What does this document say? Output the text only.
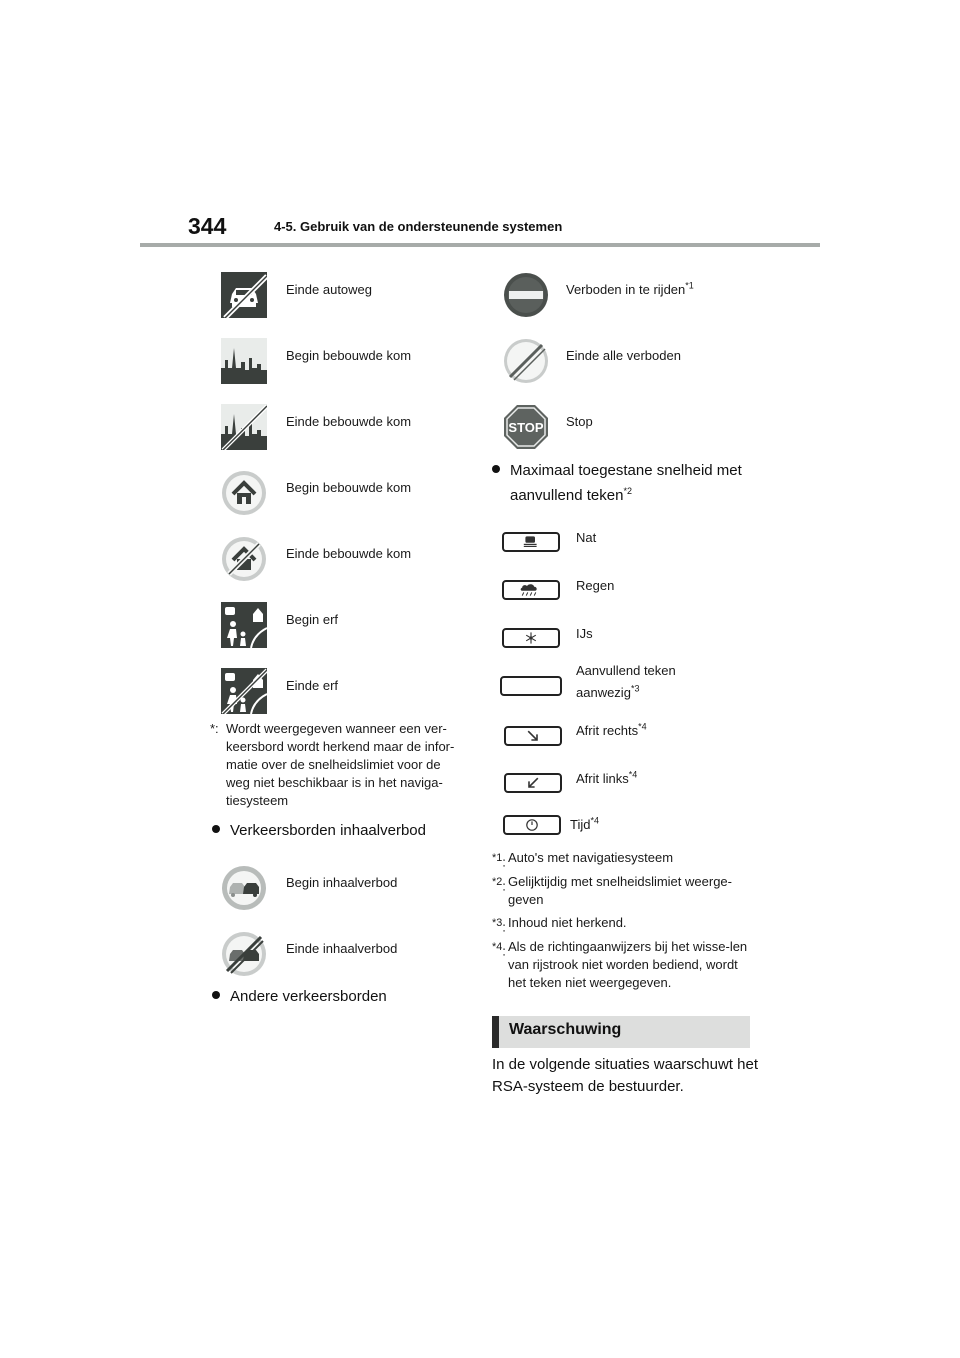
344	4-5. Gebruik van de ondersteunende systemen
Einde autoweg
Begin bebouwde kom
Einde bebouwde kom
Begin bebouwde kom
Einde bebouwde kom
Begin erf
Einde erf
*: Wordt weergegeven wanneer een ver-keersbord wordt herkend maar de infor-matie over de snelheidslimiet voor de weg niet beschikbaar is in het naviga-tiesysteem
Verkeersborden inhaalverbod
Begin inhaalverbod
Einde inhaalverbod
Andere verkeersborden
Verboden in te rijden$^{*1}$
Einde alle verboden
STOP Stop
Maximaal toegestane snelheid met
aanvullend teken$^{*2}$
Nat
Regen
IJs
Aanvullend teken
aanwezig$^{*3}$
Afrit rechts$^{*4}$
Afrit links$^{*4}$
Tijd$^{*4}$
$^{*1}$: Auto's met navigatiesysteem
$^{*2}$: Gelijktijdig met snelheidslimiet weerge-geven
$^{*3}$: Inhoud niet herkend.
$^{*4}$: Als de richtingaanwijzers bij het wisse-len van rijstrook niet worden bediend, wordt het teken niet weergegeven.
Waarschuwing
In de volgende situaties waarschuwt het RSA-systeem de bestuurder.
